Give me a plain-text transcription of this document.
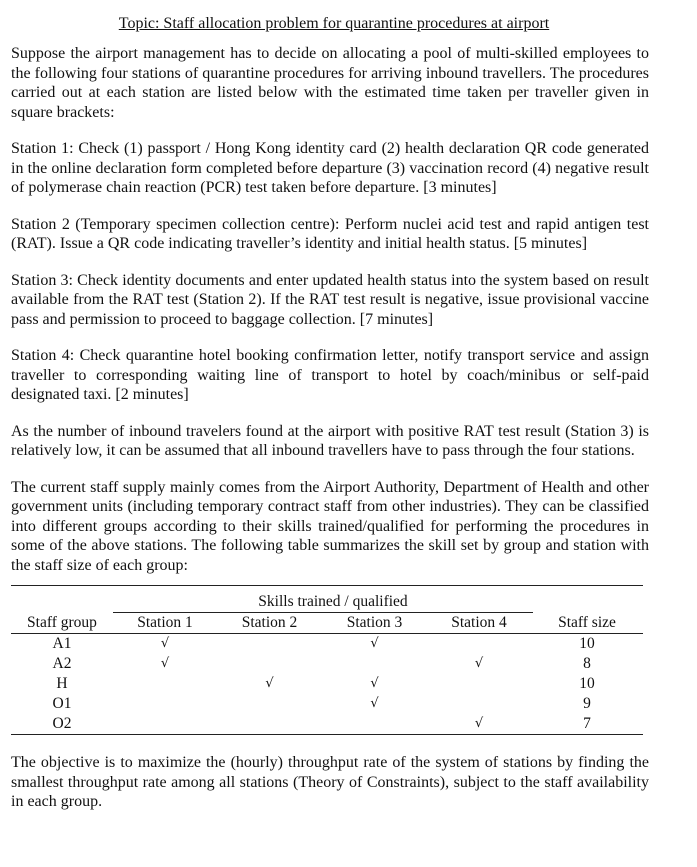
Topic: Staff allocation problem for quarantine procedures at airport

Suppose the airport management has to decide on allocating a pool of multi-skilled employees to the following four stations of quarantine procedures for arriving inbound travellers. The procedures carried out at each station are listed below with the estimated time taken per traveller given in square brackets:

Station 1: Check (1) passport / Hong Kong identity card (2) health declaration QR code generated in the online declaration form completed before departure (3) vaccination record (4) negative result of polymerase chain reaction (PCR) test taken before departure. [3 minutes]

Station 2 (Temporary specimen collection centre): Perform nuclei acid test and rapid antigen test (RAT). Issue a QR code indicating traveller’s identity and initial health status. [5 minutes]

Station 3: Check identity documents and enter updated health status into the system based on result available from the RAT test (Station 2). If the RAT test result is negative, issue provisional vaccine pass and permission to proceed to baggage collection. [7 minutes]

Station 4: Check quarantine hotel booking confirmation letter, notify transport service and assign traveller to corresponding waiting line of transport to hotel by coach/minibus or self-paid designated taxi. [2 minutes]

As the number of inbound travelers found at the airport with positive RAT test result (Station 3) is relatively low, it can be assumed that all inbound travellers have to pass through the four stations.

The current staff supply mainly comes from the Airport Authority, Department of Health and other government units (including temporary contract staff from other industries). They can be classified into different groups according to their skills trained/qualified for performing the procedures in some of the above stations. The following table summarizes the skill set by group and station with the staff size of each group:

	Skills trained / qualified				

Staff group	Station 1	Station 2	Station 3	Station 4	Staff size
A1	√		√		10
A2	√			√	8
H		√	√		10
O1			√		9
O2				√	7

The objective is to maximize the (hourly) throughput rate of the system of stations by finding the smallest throughput rate among all stations (Theory of Constraints), subject to the staff availability in each group.
